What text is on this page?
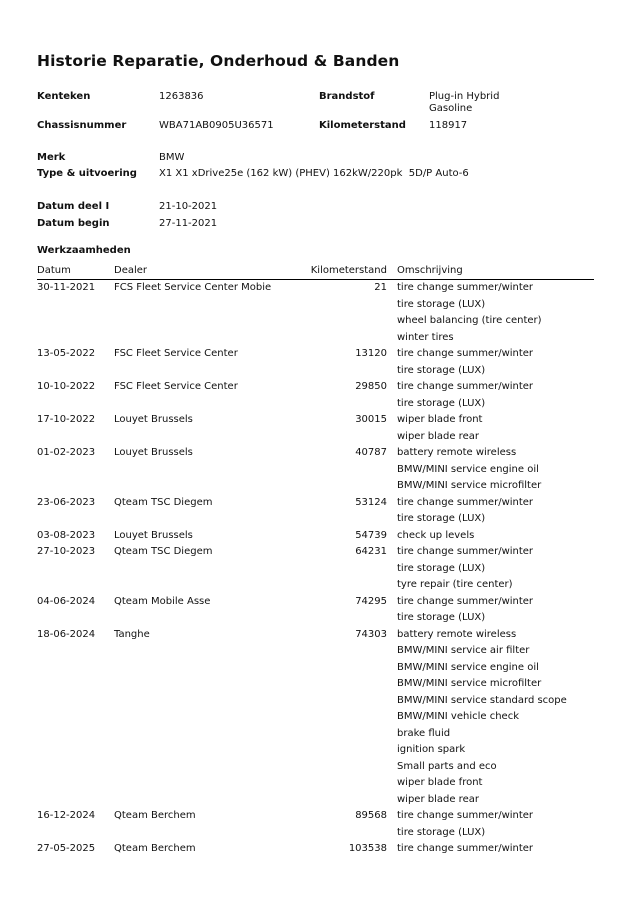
Historie Reparatie, Onderhoud & Banden
Kenteken	1263836	Brandstof	Plug-in Hybrid
Gasoline
Chassisnummer	WBA71AB0905U36571	Kilometerstand 118917
Merk	BMW
Type & uitvoering X1 X1 xDrive25e (162 kW) (PHEV) 162kW/220pk  5D/P Auto-6
Datum deel I	21-10-2021
Datum begin	27-11-2021
Werkzaamheden
Datum	Dealer	Kilometerstand Omschrijving
30-11-2021 FCS Fleet Service Center Mobie	21 tire change summer/winter
tire storage (LUX)
wheel balancing (tire center)
winter tires
13-05-2022 FSC Fleet Service Center	13120 tire change summer/winter
tire storage (LUX)
10-10-2022 FSC Fleet Service Center	29850 tire change summer/winter
tire storage (LUX)
17-10-2022 Louyet Brussels	30015 wiper blade front
wiper blade rear
01-02-2023 Louyet Brussels	40787 battery remote wireless
BMW/MINI service engine oil
BMW/MINI service microfilter
23-06-2023 Qteam TSC Diegem	53124 tire change summer/winter
tire storage (LUX)
03-08-2023 Louyet Brussels	54739 check up levels
27-10-2023 Qteam TSC Diegem	64231 tire change summer/winter
tire storage (LUX)
tyre repair (tire center)
04-06-2024 Qteam Mobile Asse	74295 tire change summer/winter
tire storage (LUX)
18-06-2024 Tanghe	74303 battery remote wireless
BMW/MINI service air filter
BMW/MINI service engine oil
BMW/MINI service microfilter
BMW/MINI service standard scope
BMW/MINI vehicle check
brake fluid
ignition spark
Small parts and eco
wiper blade front
wiper blade rear
16-12-2024 Qteam Berchem	89568 tire change summer/winter
tire storage (LUX)
27-05-2025 Qteam Berchem	103538 tire change summer/winter
